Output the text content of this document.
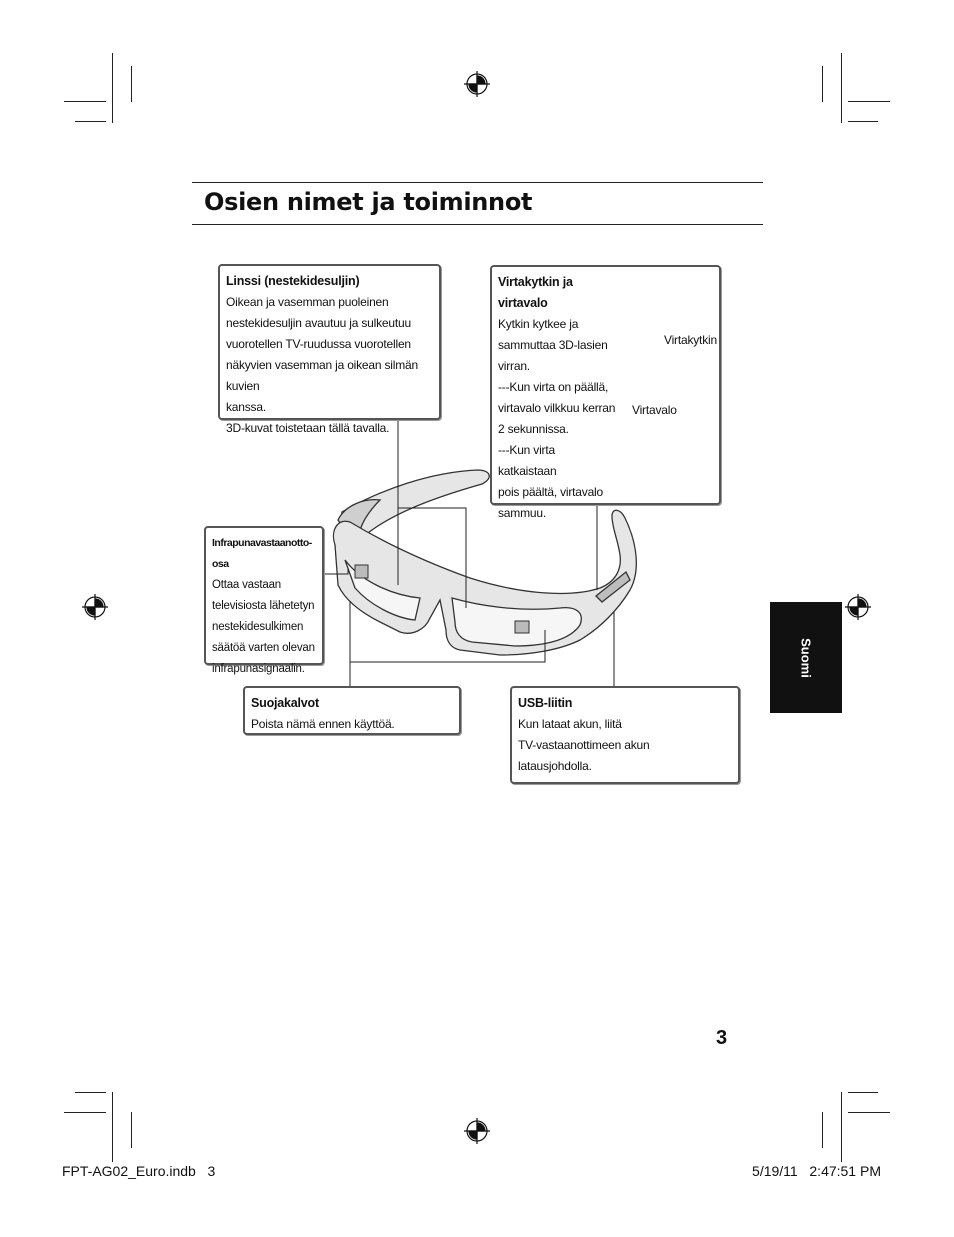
Osien nimet ja toiminnot
Linssi (nestekidesuljin)
Oikean ja vasemman puoleinen
nestekidesuljin avautuu ja sulkeutuu
vuorotellen TV-ruudussa vuorotellen
näkyvien vasemman ja oikean silmän kuvien
kanssa.
3D-kuvat toistetaan tällä tavalla.
Virtakytkin ja
virtavalo
Kytkin kytkee ja
sammuttaa 3D-lasien
virran.
---Kun virta on päällä,
virtavalo vilkkuu kerran
2 sekunnissa.
---Kun virta katkaistaan
pois päältä, virtavalo
sammuu.
Virtakytkin
Virtavalo
Infrapunavastaanotto-osa
Ottaa vastaan
televisiosta lähetetyn
nestekidesulkimen
säätöä varten olevan
infrapunasignaalin.
Suojakalvot
Poista nämä ennen käyttöä.
USB-liitin
Kun lataat akun, liitä
TV-vastaanottimeen akun
latausjohdolla.
Suomi
3
FPT-AG02_Euro.indb   3	5/19/11   2:47:51 PM
